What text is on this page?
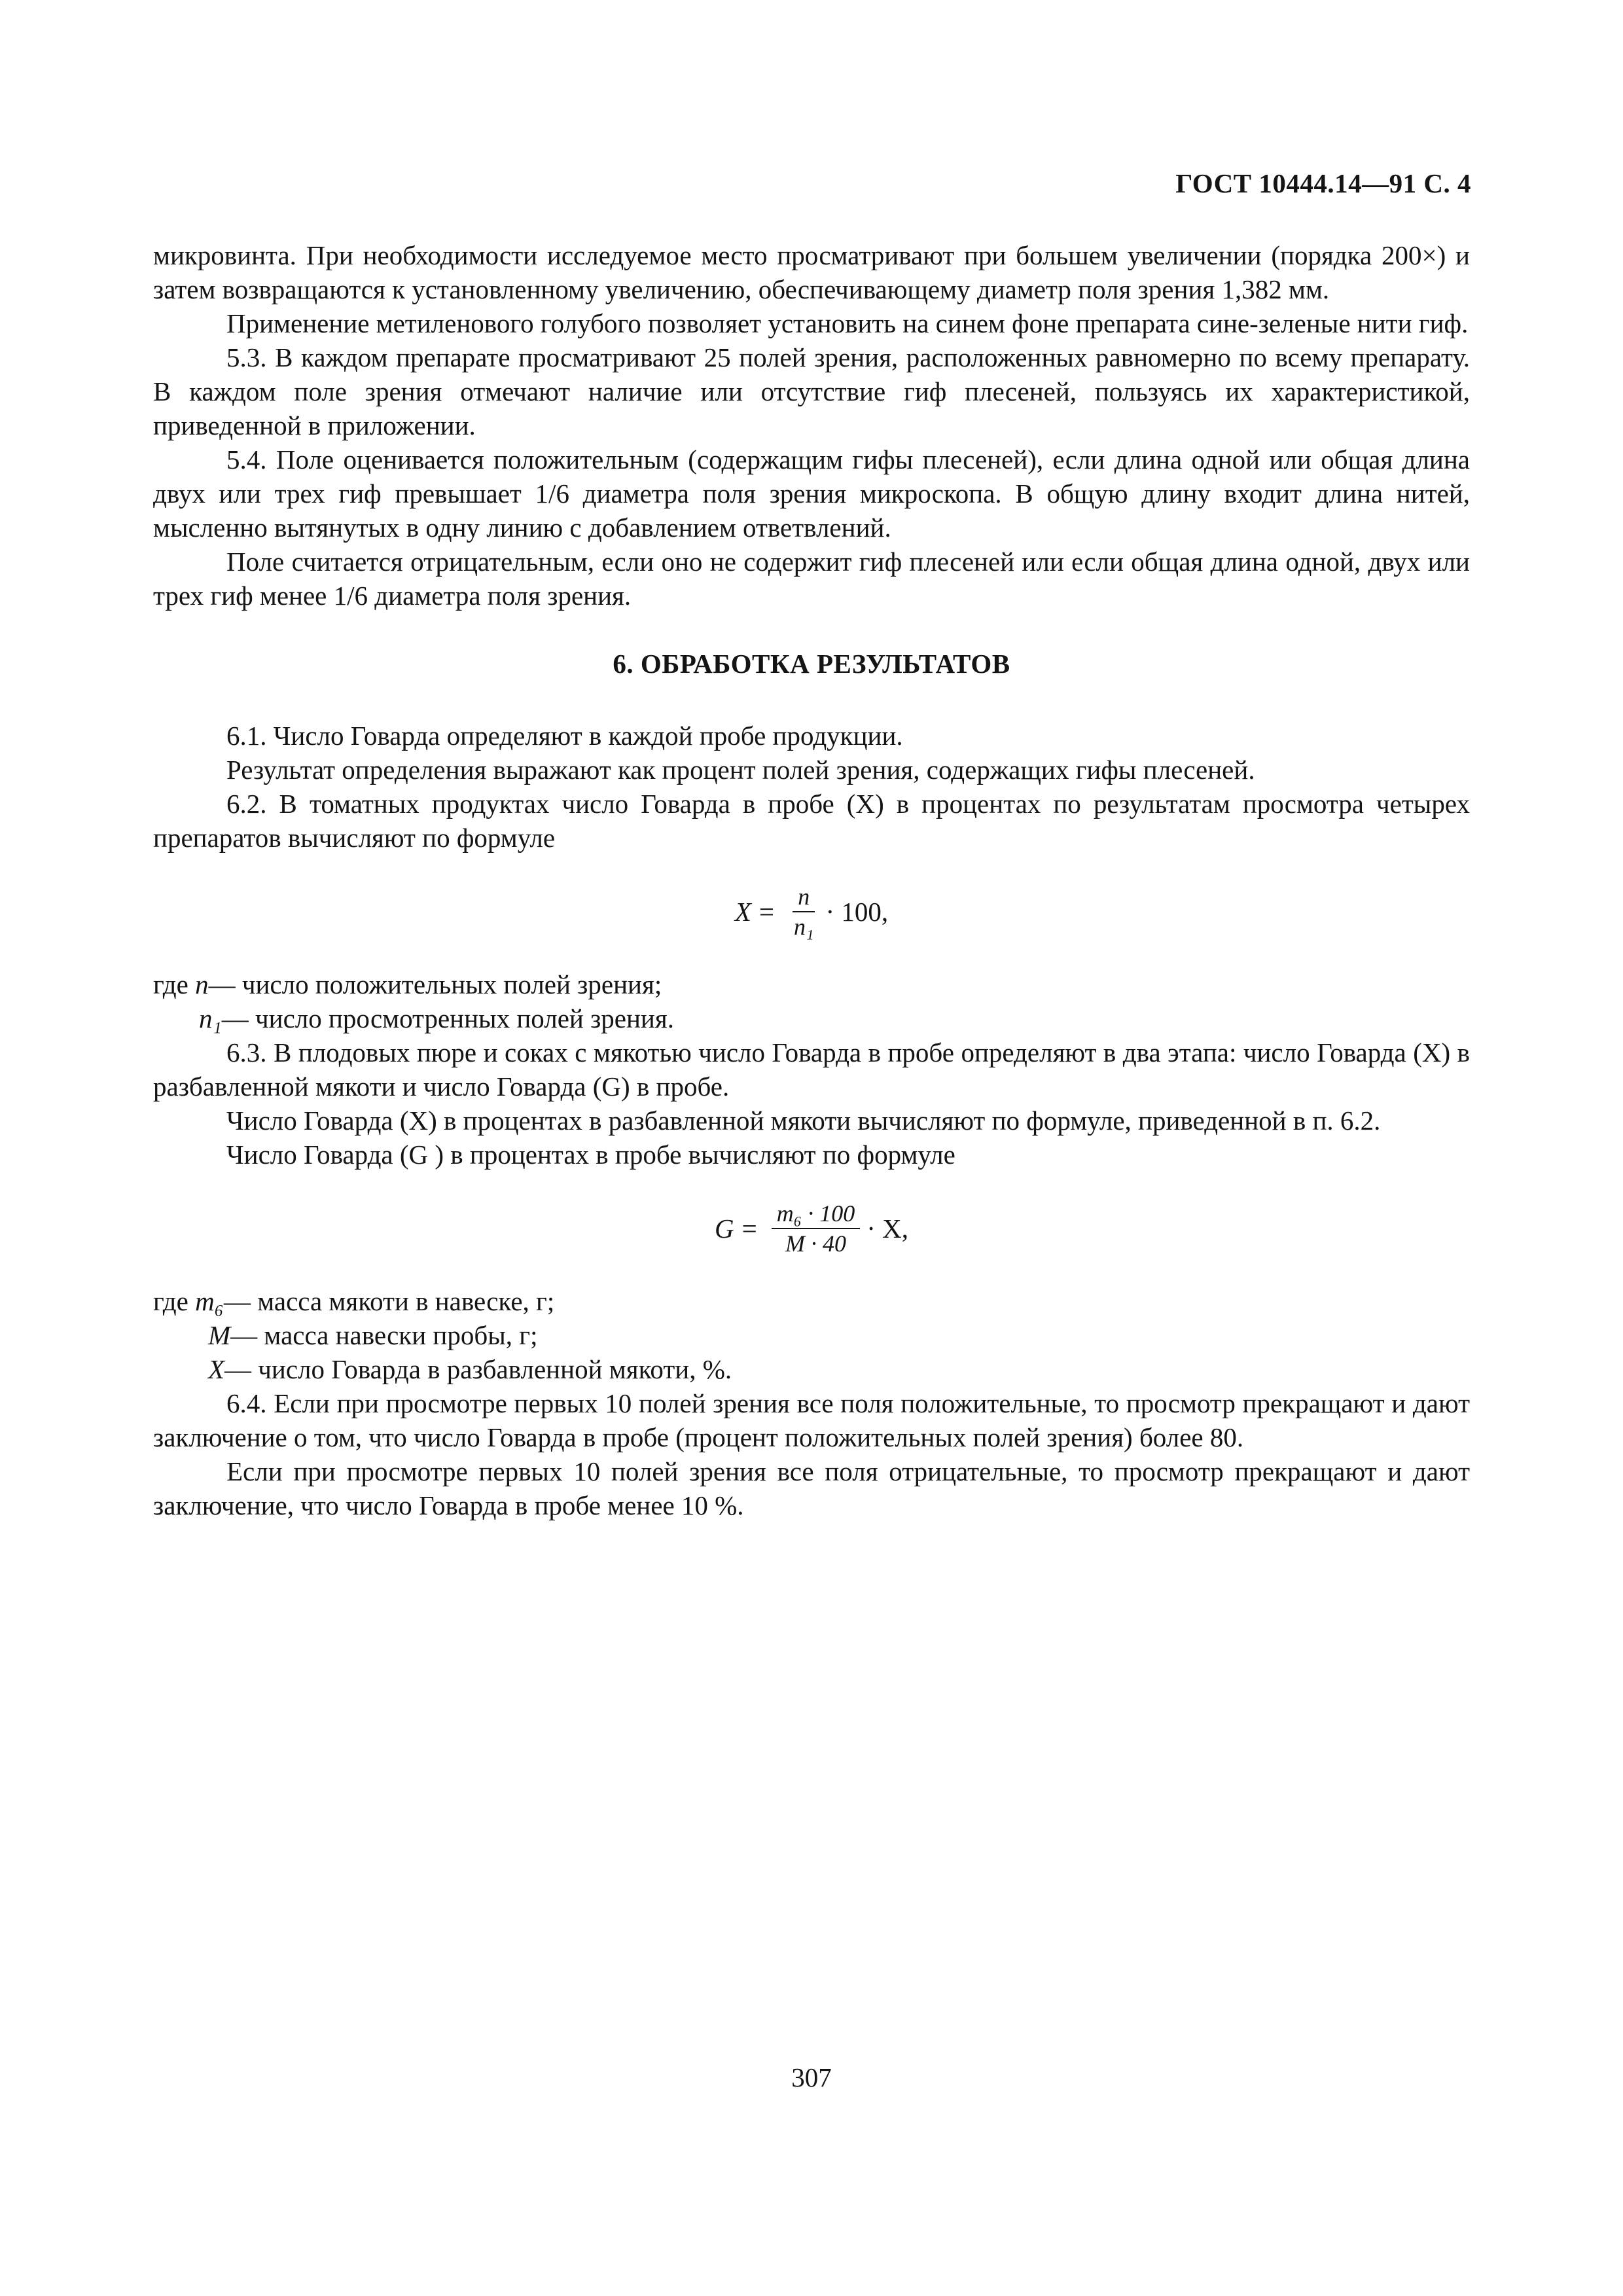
ГОСТ 10444.14—91 С. 4

микровинта. При необходимости исследуемое место просматривают при большем увеличении (порядка 200×) и затем возвращаются к установленному увеличению, обеспечивающему диаметр поля зрения 1,382 мм.

Применение метиленового голубого позволяет установить на синем фоне препарата сине-зеленые нити гиф.

5.3. В каждом препарате просматривают 25 полей зрения, расположенных равномерно по всему препарату. В каждом поле зрения отмечают наличие или отсутствие гиф плесеней, пользуясь их характеристикой, приведенной в приложении.

5.4. Поле оценивается положительным (содержащим гифы плесеней), если длина одной или общая длина двух или трех гиф превышает 1/6 диаметра поля зрения микроскопа. В общую длину входит длина нитей, мысленно вытянутых в одну линию с добавлением ответвлений.

Поле считается отрицательным, если оно не содержит гиф плесеней или если общая длина одной, двух или трех гиф менее 1/6 диаметра поля зрения.

6. ОБРАБОТКА РЕЗУЛЬТАТОВ

6.1. Число Говарда определяют в каждой пробе продукции.

Результат определения выражают как процент полей зрения, содержащих гифы плесеней.

6.2. В томатных продуктах число Говарда в пробе (X) в процентах по результатам просмотра четырех препаратов вычисляют по формуле

$X = \frac{n}{\text{n₁}} \cdot 100$ ,
где n — число положительных полей зрения;
n₁ — число просмотренных полей зрения.

6.3. В плодовых пюре и соках с мякотью число Говарда в пробе определяют в два этапа: число Говарда (X) в разбавленной мякоти и число Говарда (G) в пробе.

Число Говарда (X) в процентах в разбавленной мякоти вычисляют по формуле, приведенной в п. 6.2.

Число Говарда (G ) в процентах в пробе вычисляют по формуле

$G = \frac{\text{m₆ · 100}}{M \cdot 40} \cdot X$ ,
где m₆ — масса мякоти в навеске, г;
M — масса навески пробы, г;
X — число Говарда в разбавленной мякоти, %.

6.4. Если при просмотре первых 10 полей зрения все поля положительные, то просмотр прекращают и дают заключение о том, что число Говарда в пробе (процент положительных полей зрения) более 80.

Если при просмотре первых 10 полей зрения все поля отрицательные, то просмотр прекращают и дают заключение, что число Говарда в пробе менее 10 %.

307
